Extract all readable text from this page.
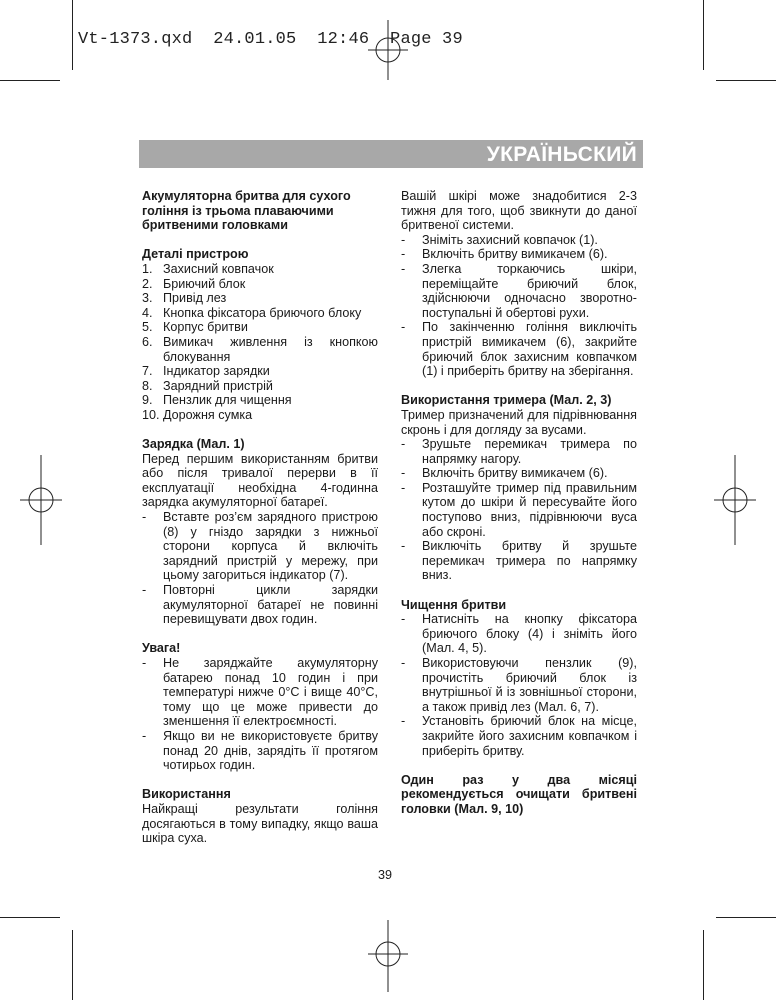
Vt-1373.qxd  24.01.05  12:46  Page 39
УКРАЇНЬСКИЙ

Акумуляторна бритва для сухого

гоління із трьома плаваючими

бритвеними головками

Деталі пристрою

1. Захисний ковпачок
2. Бриючий блок
3. Привід лез
4. Кнопка фіксатора бриючого блоку
5. Корпус бритви
6. Вимикач живлення із кнопкою блокування
7. Індикатор зарядки
8. Зарядний пристрій
9. Пензлик для чищення
10. Дорожня сумка

Зарядка (Мал. 1)

Перед першим використанням бритви або після тривалої перерви в її експлуатації необхідна 4-годинна зарядка акумуляторної батареї.

-	Вставте роз’єм зарядного пристрою (8) у гніздо зарядки з нижньої сторони корпуса й включіть зарядний пристрій у мережу, при цьому загориться індикатор (7).
-	Повторні цикли зарядки акумуляторної батареї не повинні перевищувати двох годин.

Увага!

-	Не заряджайте акумуляторну батарею понад 10 годин і при температурі нижче 0°С і вище 40°С, тому що це може привести до зменшення її електроємності.
-	Якщо ви не використовуєте бритву понад 20 днів, зарядіть її протягом чотирьох годин.

Використання

Найкращі результати гоління досягаються в тому випадку, якщо ваша шкіра суха.

Вашій шкірі може знадобитися 2-3 тижня для того, щоб звикнути до даної бритвеної системи.

-	Зніміть захисний ковпачок (1).
-	Включіть бритву вимикачем (6).
-	Злегка торкаючись шкіри, переміщайте бриючий блок, здійснюючи одночасно зворотно-поступальні й обертові рухи.
-	По закінченню гоління виключіть пристрій вимикачем (6), закрийте бриючий блок захисним ковпачком (1) і приберіть бритву на зберігання.

Використання тримера (Мал. 2, 3)

Тример призначений для підрівнювання скронь і для догляду за вусами.

-	Зрушьте перемикач тримера по напрямку нагору.
-	Включіть бритву вимикачем (6).
-	Розташуйте тример під правильним кутом до шкіри й пересувайте його поступово вниз, підрівнюючи вуса або скроні.
-	Виключіть бритву й зрушьте перемикач тримера по напрямку вниз.

Чищення бритви

-	Натисніть на кнопку фіксатора бриючого блоку (4) і зніміть його (Мал. 4, 5).
-	Використовуючи пензлик (9), прочистіть бриючий блок із внутрішньої й із зовнішньої сторони, а також привід лез (Мал. 6, 7).
-	Установіть бриючий блок на місце, закрийте його захисним ковпачком і приберіть бритву.

Один раз у два місяці рекомендується очищати бритвені головки (Мал. 9, 10)

39
